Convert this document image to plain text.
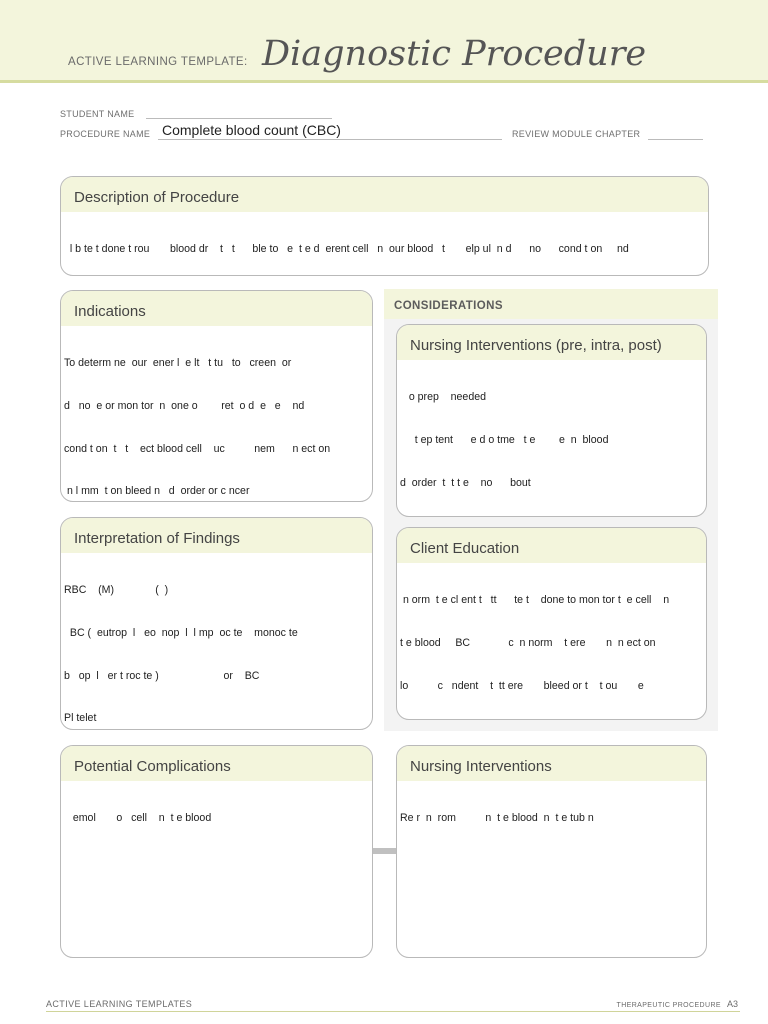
ACTIVE LEARNING TEMPLATE: Diagnostic Procedure
STUDENT NAME
PROCEDURE NAME Complete blood count (CBC)	REVIEW MODULE CHAPTER
Description of Procedure

l b te t done t rou       blood dr    t   t      ble to   e  t e d  erent cell   n  our blood   t       elp ul  n d      no      cond t on     nd

Indications

To determ ne  our  ener l  e lt   t tu   to   creen  or

d   no  e or mon tor  n  one o        ret  o d  e   e    nd

cond t on  t   t    ect blood cell    uc          nem      n ect on

n l mm  t on bleed n   d  order or c ncer

Interpretation of Findings

RBC    (M)              (  )

BC (  eutrop  l   eo  nop  l  l mp  oc te    monoc te

b   op  l   er t roc te )                      or    BC

Pl telet

CONSIDERATIONS
Nursing Interventions (pre, intra, post)

o prep    needed

t ep tent      e d o tme   t e        e  n  blood

d  order  t  t t e    no      bout

Client Education

n orm  t e cl ent t   tt      te t    done to mon tor t  e cell    n

t e blood     BC             c  n norm    t ere       n  n ect on

lo          c   ndent    t  tt ere       bleed or t    t ou       e

Potential Complications

emol       o   cell    n  t e blood

Nursing Interventions

Re r  n  rom          n  t e blood  n  t e tub n

ACTIVE LEARNING TEMPLATES	THERAPEUTIC PROCEDURE A3
